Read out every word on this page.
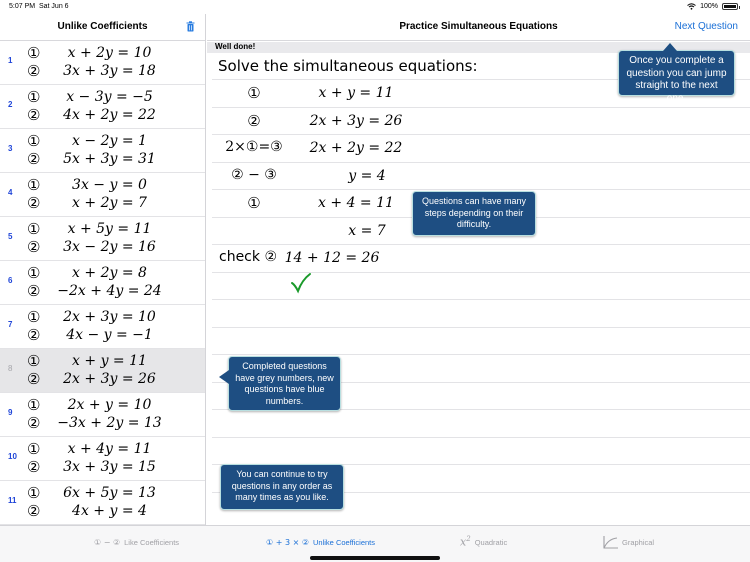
5:07 PM Sat Jun 6	100%
Unlike Coefficients
1 ①	x + 2y = 10
②	3x + 3y = 18
2 ①	x − 3y = −5
②	4x + 2y = 22
3 ①	x − 2y = 1
②	5x + 3y = 31
4 ①	3x − y = 0
②	x + 2y = 7
5 ①	x + 5y = 11
②	3x − 2y = 16
6 ①	x + 2y = 8
②	−2x + 4y = 24
7 ①	2x + 3y = 10
②	4x − y = −1
8 ①	x + y = 11
②	2x + 3y = 26
9 ①	2x + y = 10
②	−3x + 2y = 13
10 ①	x + 4y = 11
②	3x + 3y = 15
11 ①	6x + 5y = 13
②	4x + y = 4
Practice Simultaneous Equations	Next Question
Well done!
Solve the simultaneous equations:
①	x + y = 11
②	2x + 3y = 26
2×①=③	2x + 2y = 22
② − ③	y = 4
①	x + 4 = 11
x = 7
check ② 14 + 12 = 26
Once you complete a question you can jump straight to the next one.
Questions can have many steps depending on their difficulty.
Completed questions have grey numbers, new questions have blue numbers.
You can continue to try questions in any order as many times as you like.
① − ② Like Coefficients	① + 3 × ② Unlike Coefficients	$x^2$ Quadratic	Graphical
